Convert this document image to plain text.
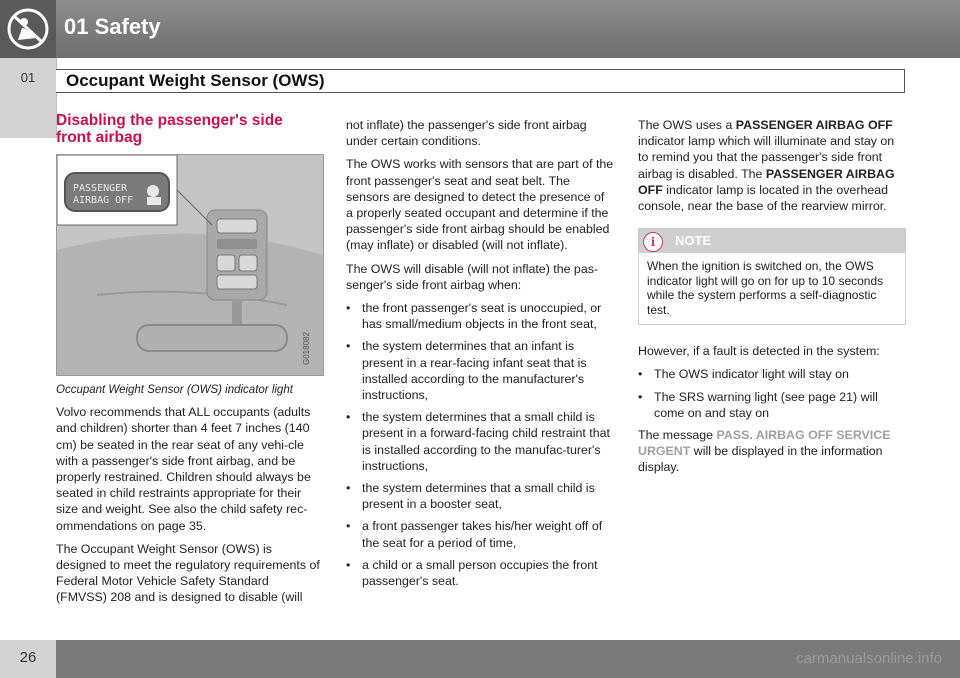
01 Safety
01	Occupant Weight Sensor (OWS)
Disabling the passenger's side front airbag
PASSENGER
AIRBAG OFF
G018082
Occupant Weight Sensor (OWS) indicator light

Volvo recommends that ALL occupants (adults and children) shorter than 4 feet 7 inches (140 cm) be seated in the rear seat of any vehi-cle with a passenger's side front airbag, and be properly restrained. Children should always be seated in child restraints appropriate for their size and weight. See also the child safety rec-ommendations on page 35.

The Occupant Weight Sensor (OWS) is designed to meet the regulatory requirements of Federal Motor Vehicle Safety Standard (FMVSS) 208 and is designed to disable (will

not inflate) the passenger's side front airbag under certain conditions.

The OWS works with sensors that are part of the front passenger's seat and seat belt. The sensors are designed to detect the presence of a properly seated occupant and determine if the passenger's side front airbag should be enabled (may inflate) or disabled (will not inflate).

The OWS will disable (will not inflate) the pas-senger's side front airbag when:

• the front passenger's seat is unoccupied, or has small/medium objects in the front seat,
• the system determines that an infant is present in a rear-facing infant seat that is installed according to the manufacturer's instructions,
• the system determines that a small child is present in a forward-facing child restraint that is installed according to the manufac-turer's instructions,
• the system determines that a small child is present in a booster seat,
• a front passenger takes his/her weight off of the seat for a period of time,
• a child or a small person occupies the front passenger's seat.

The OWS uses a PASSENGER AIRBAG OFF indicator lamp which will illuminate and stay on to remind you that the passenger's side front airbag is disabled. The PASSENGER AIRBAG OFF indicator lamp is located in the overhead console, near the base of the rearview mirror.

i	NOTE
When the ignition is switched on, the OWS indicator light will go on for up to 10 seconds while the system performs a self-diagnostic test.

However, if a fault is detected in the system:

• The OWS indicator light will stay on
• The SRS warning light (see page 21) will come on and stay on

The message PASS. AIRBAG OFF SERVICE URGENT will be displayed in the information display.

26	carmanualsonline.info
